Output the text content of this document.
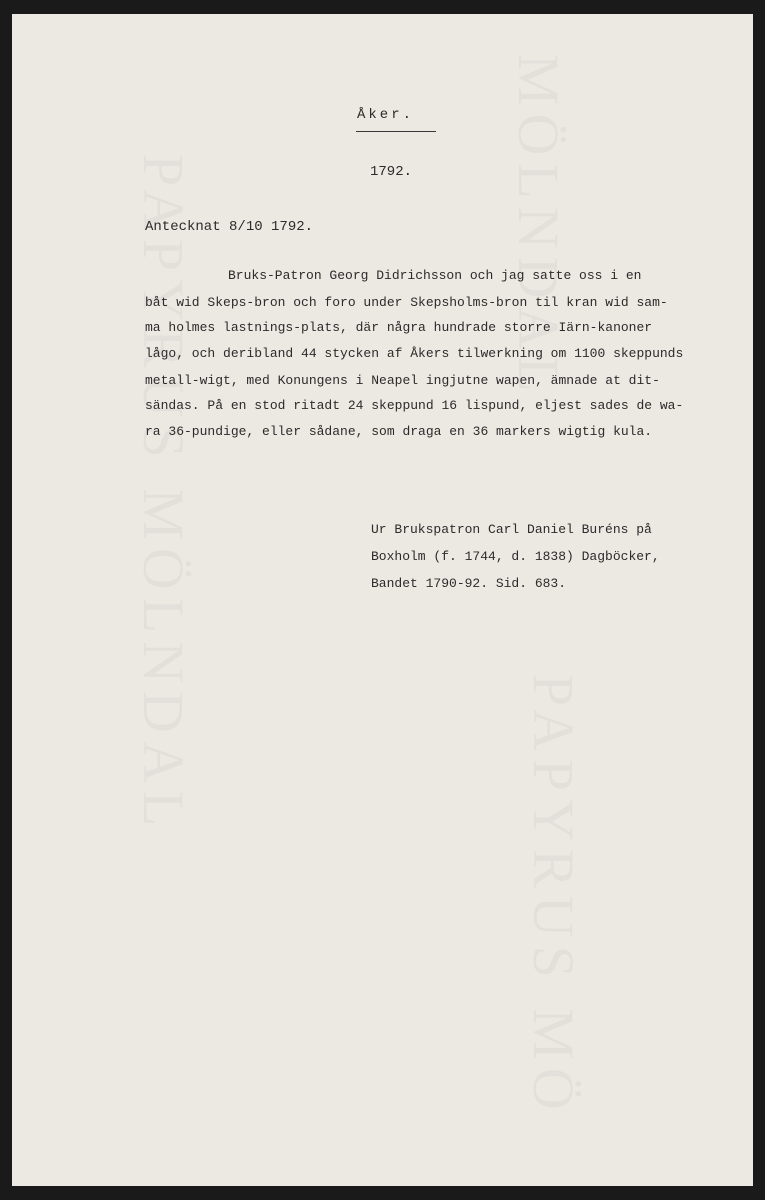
Åker.
1792.
Antecknat 8/10 1792.
Bruks-Patron Georg Didrichsson och jag satte oss i en
båt wid Skeps-bron och foro under Skepsholms-bron til kran wid sam-
ma holmes lastnings-plats, där några hundrade storre Iärn-kanoner
lågo, och deribland 44 stycken af Åkers tilwerkning om 1100 skeppunds
metall-wigt, med Konungens i Neapel ingjutne wapen, ämnade at dit-
sändas. På en stod ritadt 24 skeppund 16 lispund, eljest sades de wa-
ra 36-pundige, eller sådane, som draga en 36 markers wigtig kula.
Ur Brukspatron Carl Daniel Buréns på
Boxholm (f. 1744, d. 1838) Dagböcker,
Bandet 1790-92. Sid. 683.
